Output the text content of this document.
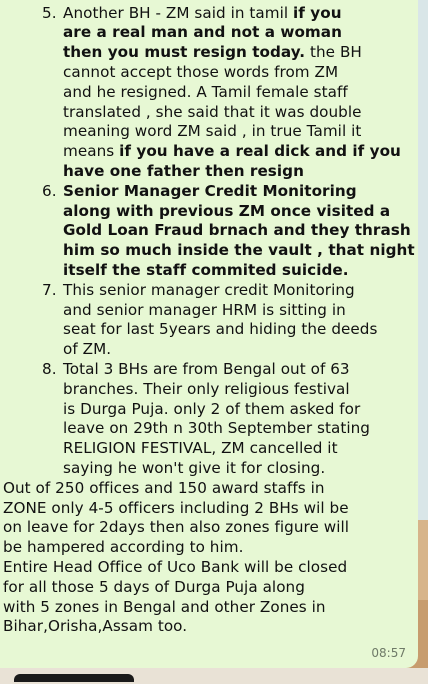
5. Another BH - ZM said in tamil if you
are a real man and not a woman
then you must resign today. the BH
cannot accept those words from ZM
and he resigned. A Tamil female staff
translated , she said that it was double
meaning word ZM said , in true Tamil it
means if you have a real dick and if you
have one father then resign
6. Senior Manager Credit Monitoring
along with previous ZM once visited a
Gold Loan Fraud brnach and they thrash
him so much inside the vault , that night
itself the staff commited suicide.
7. This senior manager credit Monitoring
and senior manager HRM is sitting in
seat for last 5years and hiding the deeds
of ZM.
8. Total 3 BHs are from Bengal out of 63
branches. Their only religious festival
is Durga Puja. only 2 of them asked for
leave on 29th n 30th September stating
RELIGION FESTIVAL, ZM cancelled it
saying he won't give it for closing.
Out of 250 offices and 150 award staffs in
ZONE only 4-5 officers including 2 BHs wil be
on leave for 2days then also zones figure will
be hampered according to him.
Entire Head Office of Uco Bank will be closed
for all those 5 days of Durga Puja along
with 5 zones in Bengal and other Zones in
Bihar,Orisha,Assam too.
08:57
